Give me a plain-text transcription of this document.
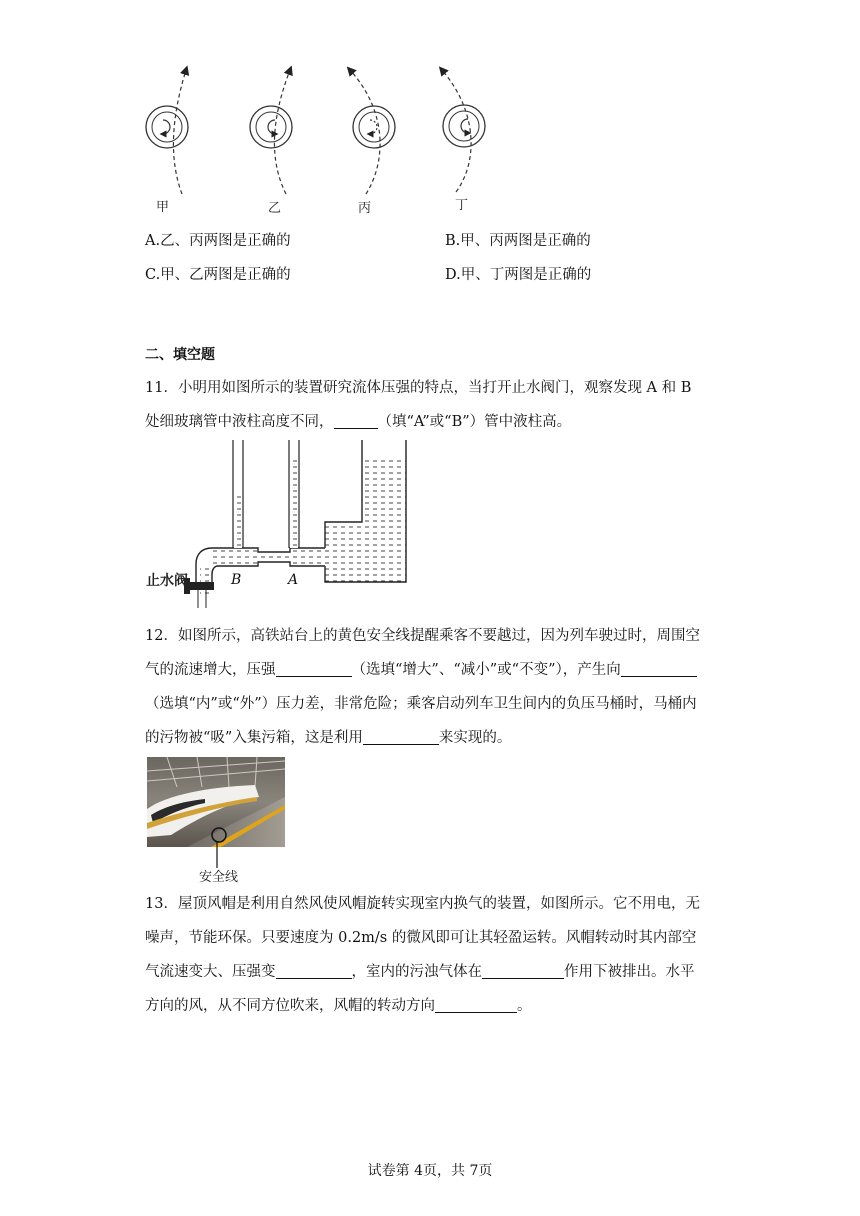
甲	乙	丙	丁
A.乙、丙两图是正确的	B.甲、丙两图是正确的
C.甲、乙两图是正确的	D.甲、丁两图是正确的
二、填空题
11．小明用如图所示的装置研究流体压强的特点，当打开止水阀门，观察发现 A 和 B
处细玻璃管中液柱高度不同，	（填“A”或“B”）管中液柱高。
止水阀	B	A
12．如图所示，高铁站台上的黄色安全线提醒乘客不要越过，因为列车驶过时，周围空
气的流速增大，压强	（选填“增大”、“减小”或“不变”），产生向
（选填“内”或“外”）压力差，非常危险；乘客启动列车卫生间内的负压马桶时，马桶内
的污物被“吸”入集污箱，这是利用	来实现的。
安全线
13．屋顶风帽是利用自然风使风帽旋转实现室内换气的装置，如图所示。它不用电，无
噪声，节能环保。只要速度为 0.2m/s 的微风即可让其轻盈运转。风帽转动时其内部空
气流速变大、压强变	，室内的污浊气体在	作用下被排出。水平
方向的风，从不同方位吹来，风帽的转动方向	。
试卷第 4页，共 7页
